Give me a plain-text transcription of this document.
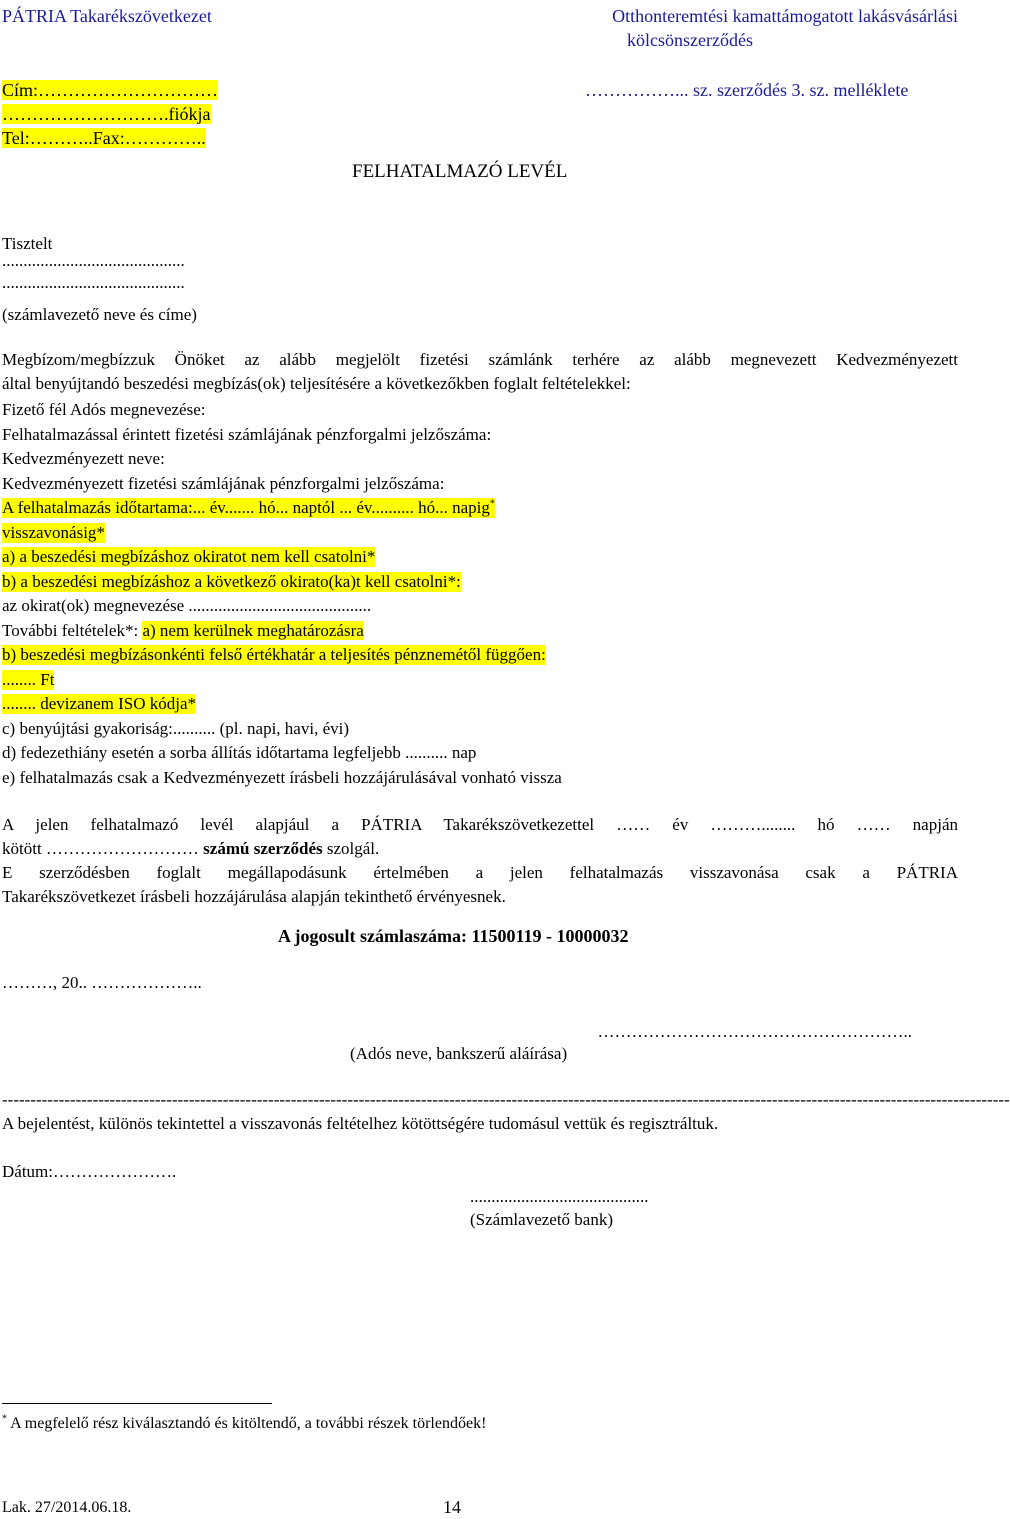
PÁTRIA Takarékszövetkezet	Otthonteremtési kamattámogatott lakásvásárlási
kölcsönszerződés
Cím:…………………………
……………………….fiókja
Tel:………..Fax:…………..
……………... sz. szerződés 3. sz. melléklete
FELHATALMAZÓ LEVÉL
Tisztelt
...........................................
...........................................
(számlavezető neve és címe)
Megbízom/megbízzuk Önöket az alább megjelölt fizetési számlánk terhére az alább megnevezett Kedvezményezett
által benyújtandó beszedési megbízás(ok) teljesítésére a következőkben foglalt feltételekkel:
Fizető fél Adós megnevezése:
Felhatalmazással érintett fizetési számlájának pénzforgalmi jelzőszáma:
Kedvezményezett neve:
Kedvezményezett fizetési számlájának pénzforgalmi jelzőszáma:
A felhatalmazás időtartama:... év....... hó... naptól ... év.......... hó... napig*
visszavonásig*
a) a beszedési megbízáshoz okiratot nem kell csatolni*
b) a beszedési megbízáshoz a következő okirato(ka)t kell csatolni*:
az okirat(ok) megnevezése ...........................................
További feltételek*: a) nem kerülnek meghatározásra
b) beszedési megbízásonkénti felső értékhatár a teljesítés pénznemétől függően:
........ Ft
........ devizanem ISO kódja*
c) benyújtási gyakoriság:.......... (pl. napi, havi, évi)
d) fedezethiány esetén a sorba állítás időtartama legfeljebb .......... nap
e) felhatalmazás csak a Kedvezményezett írásbeli hozzájárulásával vonható vissza
A jelen felhatalmazó levél alapjául a PÁTRIA Takarékszövetkezettel …… év ………........ hó …… napján
kötött ……………………… számú szerződés szolgál.
E szerződésben foglalt megállapodásunk értelmében a jelen felhatalmazás visszavonása csak a PÁTRIA
Takarékszövetkezet írásbeli hozzájárulása alapján tekinthető érvényesnek.
A jogosult számlaszáma: 11500119 - 10000032
………, 20.. ………………..
………………………………………………..
(Adós neve, bankszerű aláírása)
----------------------------------------------------------------------------------------------------------------------------------------------------------------------------------
A bejelentést, különös tekintettel a visszavonás feltételhez kötöttségére tudomásul vettük és regisztráltuk.
Dátum:………………….
..........................................
(Számlavezető bank)
* A megfelelő rész kiválasztandó és kitöltendő, a további részek törlendőek!
Lak. 27/2014.06.18.	14
